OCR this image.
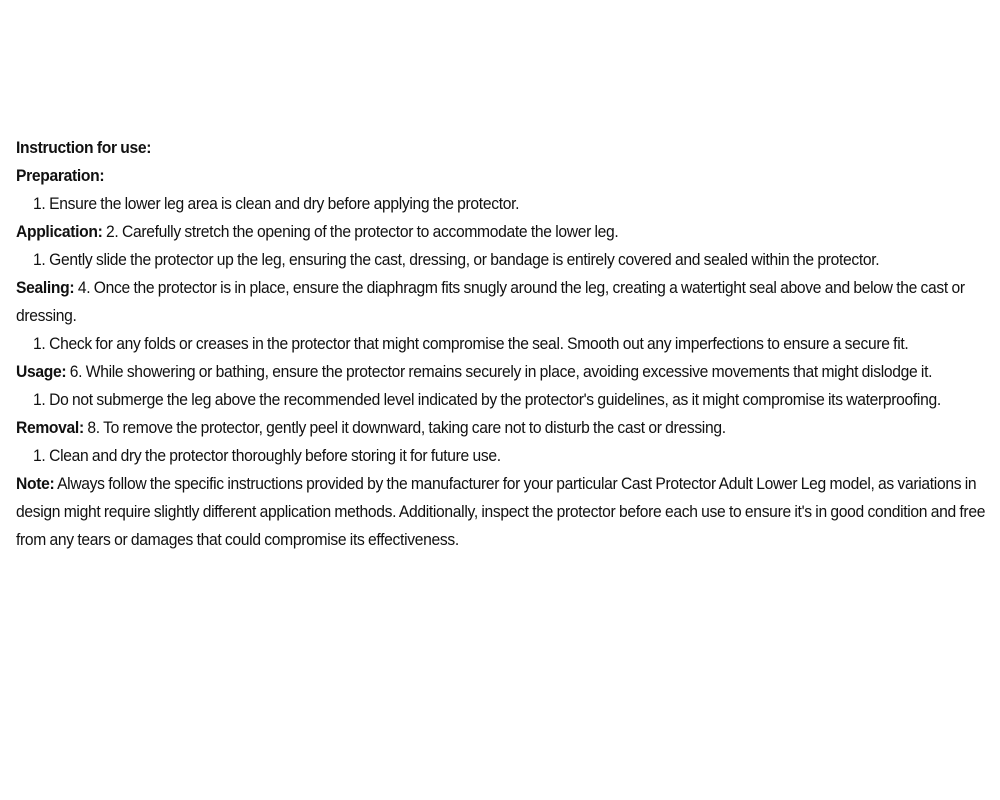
Instruction for use:

Preparation:

1. Ensure the lower leg area is clean and dry before applying the protector.

Application: 2. Carefully stretch the opening of the protector to accommodate the lower leg.

1. Gently slide the protector up the leg, ensuring the cast, dressing, or bandage is entirely covered and sealed within the protector.

Sealing: 4. Once the protector is in place, ensure the diaphragm fits snugly around the leg, creating a watertight seal above and below the cast or dressing.

1. Check for any folds or creases in the protector that might compromise the seal. Smooth out any imperfections to ensure a secure fit.

Usage: 6. While showering or bathing, ensure the protector remains securely in place, avoiding excessive movements that might dislodge it.

1. Do not submerge the leg above the recommended level indicated by the protector's guidelines, as it might compromise its waterproofing.

Removal: 8. To remove the protector, gently peel it downward, taking care not to disturb the cast or dressing.

1. Clean and dry the protector thoroughly before storing it for future use.

Note: Always follow the specific instructions provided by the manufacturer for your particular Cast Protector Adult Lower Leg model, as variations in design might require slightly different application methods. Additionally, inspect the protector before each use to ensure it's in good condition and free from any tears or damages that could compromise its effectiveness.
